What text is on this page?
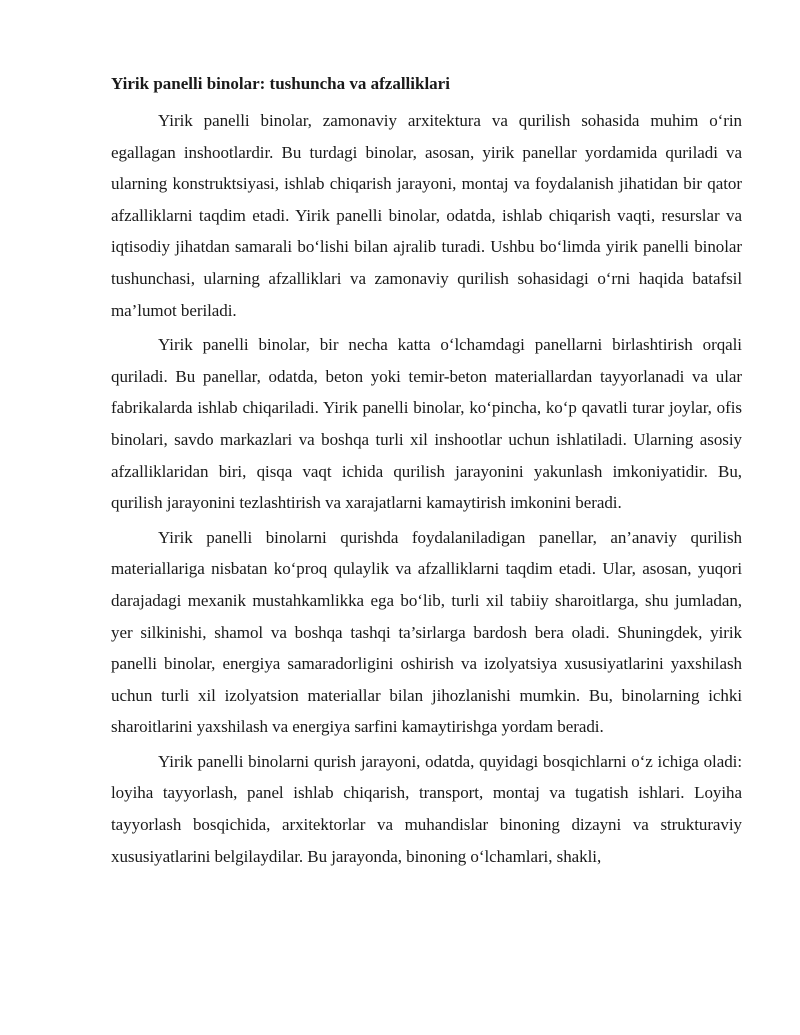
Yirik panelli binolar: tushuncha va afzalliklari

Yirik panelli binolar, zamonaviy arxitektura va qurilish sohasida muhim o‘rin egallagan inshootlardir. Bu turdagi binolar, asosan, yirik panellar yordamida quriladi va ularning konstruktsiyasi, ishlab chiqarish jarayoni, montaj va foydalanish jihatidan bir qator afzalliklarni taqdim etadi. Yirik panelli binolar, odatda, ishlab chiqarish vaqti, resurslar va iqtisodiy jihatdan samarali bo‘lishi bilan ajralib turadi. Ushbu bo‘limda yirik panelli binolar tushunchasi, ularning afzalliklari va zamonaviy qurilish sohasidagi o‘rni haqida batafsil ma’lumot beriladi.

Yirik panelli binolar, bir necha katta o‘lchamdagi panellarni birlashtirish orqali quriladi. Bu panellar, odatda, beton yoki temir-beton materiallardan tayyorlanadi va ular fabrikalarda ishlab chiqariladi. Yirik panelli binolar, ko‘pincha, ko‘p qavatli turar joylar, ofis binolari, savdo markazlari va boshqa turli xil inshootlar uchun ishlatiladi. Ularning asosiy afzalliklaridan biri, qisqa vaqt ichida qurilish jarayonini yakunlash imkoniyatidir. Bu, qurilish jarayonini tezlashtirish va xarajatlarni kamaytirish imkonini beradi.

Yirik panelli binolarni qurishda foydalaniladigan panellar, an’anaviy qurilish materiallariga nisbatan ko‘proq qulaylik va afzalliklarni taqdim etadi. Ular, asosan, yuqori darajadagi mexanik mustahkamlikka ega bo‘lib, turli xil tabiiy sharoitlarga, shu jumladan, yer silkinishi, shamol va boshqa tashqi ta’sirlarga bardosh bera oladi. Shuningdek, yirik panelli binolar, energiya samaradorligini oshirish va izolyatsiya xususiyatlarini yaxshilash uchun turli xil izolyatsion materiallar bilan jihozlanishi mumkin. Bu, binolarning ichki sharoitlarini yaxshilash va energiya sarfini kamaytirishga yordam beradi.

Yirik panelli binolarni qurish jarayoni, odatda, quyidagi bosqichlarni o‘z ichiga oladi: loyiha tayyorlash, panel ishlab chiqarish, transport, montaj va tugatish ishlari. Loyiha tayyorlash bosqichida, arxitektorlar va muhandislar binoning dizayni va strukturaviy xususiyatlarini belgilaydilar. Bu jarayonda, binoning o‘lchamlari, shakli,
